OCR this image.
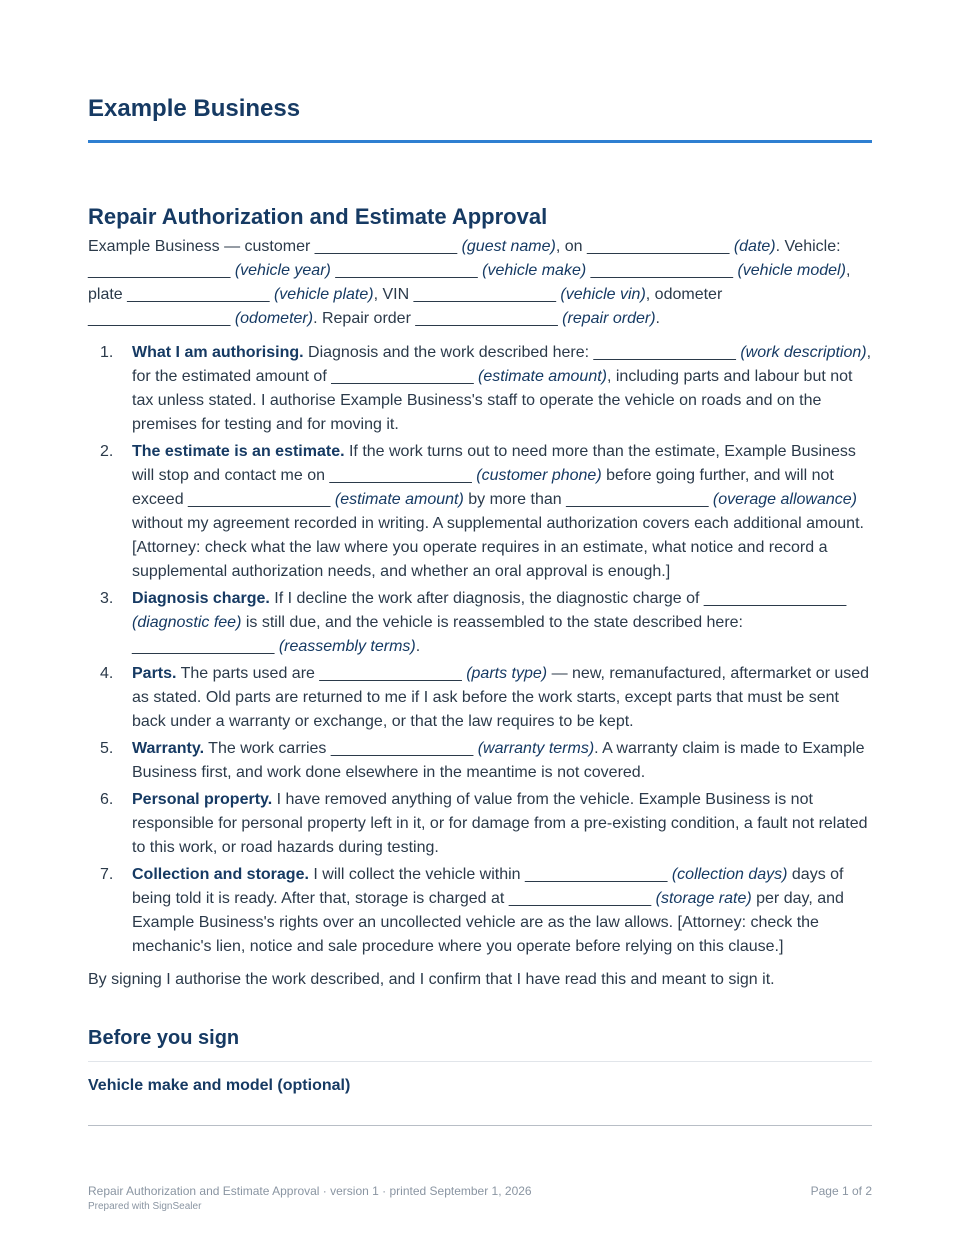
Example Business
Repair Authorization and Estimate Approval

Example Business — customer ________________ (guest name), on ________________ (date). Vehicle:
________________ (vehicle year) ________________ (vehicle make) ________________ (vehicle model), plate ________________ (vehicle plate), VIN ________________ (vehicle vin), odometer
________________ (odometer). Repair order ________________ (repair order).

1. What I am authorising. Diagnosis and the work described here: ________________ (work description), for the estimated amount of ________________ (estimate amount), including parts and labour but not tax unless stated. I authorise Example Business's staff to operate the vehicle on roads and on the premises for testing and for moving it.
2. The estimate is an estimate. If the work turns out to need more than the estimate, Example Business will stop and contact me on ________________ (customer phone) before going further, and will not exceed ________________ (estimate amount) by more than ________________ (overage allowance) without my agreement recorded in writing. A supplemental authorization covers each additional amount. [Attorney: check what the law where you operate requires in an estimate, what notice and record a supplemental authorization needs, and whether an oral approval is enough.]
3. Diagnosis charge. If I decline the work after diagnosis, the diagnostic charge of ________________ (diagnostic fee) is still due, and the vehicle is reassembled to the state described here: ________________ (reassembly terms).
4. Parts. The parts used are ________________ (parts type) — new, remanufactured, aftermarket or used as stated. Old parts are returned to me if I ask before the work starts, except parts that must be sent back under a warranty or exchange, or that the law requires to be kept.
5. Warranty. The work carries ________________ (warranty terms). A warranty claim is made to Example Business first, and work done elsewhere in the meantime is not covered.
6. Personal property. I have removed anything of value from the vehicle. Example Business is not responsible for personal property left in it, or for damage from a pre-existing condition, a fault not related to this work, or road hazards during testing.
7. Collection and storage. I will collect the vehicle within ________________ (collection days) days of being told it is ready. After that, storage is charged at ________________ (storage rate) per day, and Example Business's rights over an uncollected vehicle are as the law allows. [Attorney: check the mechanic's lien, notice and sale procedure where you operate before relying on this clause.]

By signing I authorise the work described, and I confirm that I have read this and meant to sign it.

Before you sign
Vehicle make and model (optional)
Repair Authorization and Estimate Approval · version 1 · printed September 1, 2026
Prepared with SignSealer
Page 1 of 2
